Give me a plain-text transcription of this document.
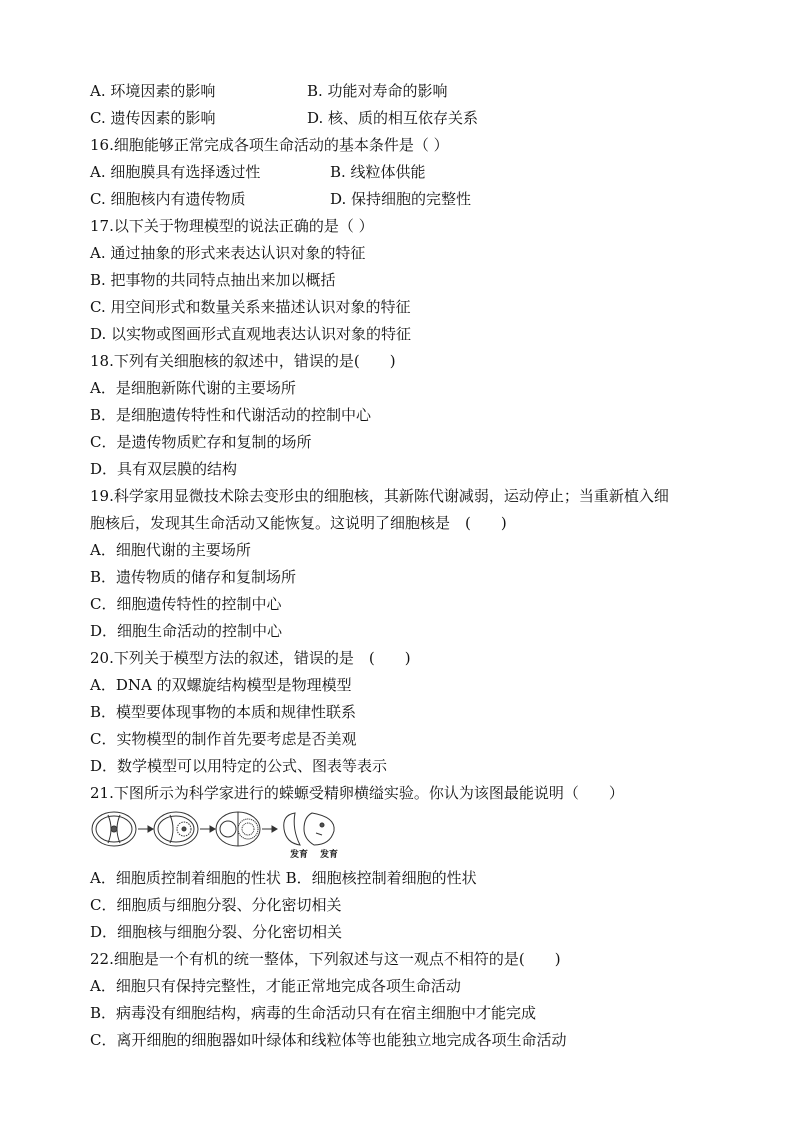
A. 环境因素的影响	B. 功能对寿命的影响
C. 遗传因素的影响	D. 核、质的相互依存关系
16.细胞能够正常完成各项生命活动的基本条件是（ ）
A. 细胞膜具有选择透过性	B. 线粒体供能
C. 细胞核内有遗传物质	D. 保持细胞的完整性
17.以下关于物理模型的说法正确的是（ ）
A. 通过抽象的形式来表达认识对象的特征
B. 把事物的共同特点抽出来加以概括
C. 用空间形式和数量关系来描述认识对象的特征
D. 以实物或图画形式直观地表达认识对象的特征
18.下列有关细胞核的叙述中，错误的是(　　)
A．是细胞新陈代谢的主要场所
B．是细胞遗传特性和代谢活动的控制中心
C．是遗传物质贮存和复制的场所
D．具有双层膜的结构
19.科学家用显微技术除去变形虫的细胞核，其新陈代谢减弱，运动停止；当重新植入细
胞核后，发现其生命活动又能恢复。这说明了细胞核是　(　　)
A．细胞代谢的主要场所
B．遗传物质的储存和复制场所
C．细胞遗传特性的控制中心
D．细胞生命活动的控制中心
20.下列关于模型方法的叙述，错误的是　(　　)
A．DNA 的双螺旋结构模型是物理模型
B．模型要体现事物的本质和规律性联系
C．实物模型的制作首先要考虑是否美观
D．数学模型可以用特定的公式、图表等表示
21.下图所示为科学家进行的蝾螈受精卵横缢实验。你认为该图最能说明（　　）
发育 发育
A．细胞质控制着细胞的性状 B．细胞核控制着细胞的性状
C．细胞质与细胞分裂、分化密切相关
D．细胞核与细胞分裂、分化密切相关
22.细胞是一个有机的统一整体，下列叙述与这一观点不相符的是(　　)
A．细胞只有保持完整性，才能正常地完成各项生命活动
B．病毒没有细胞结构，病毒的生命活动只有在宿主细胞中才能完成
C．离开细胞的细胞器如叶绿体和线粒体等也能独立地完成各项生命活动
